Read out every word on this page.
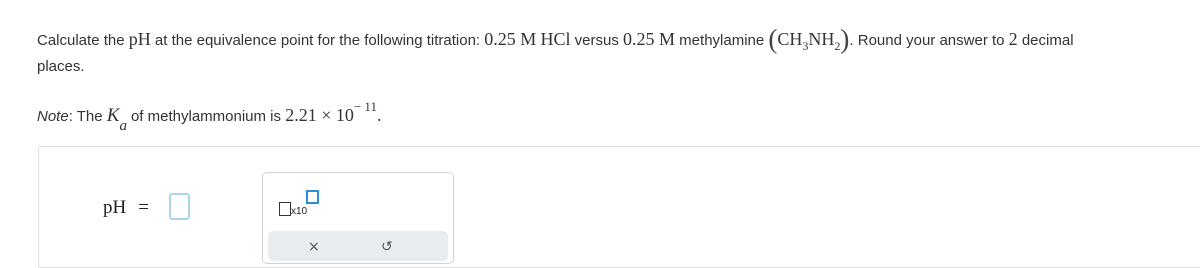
Calculate the pH at the equivalence point for the following titration: 0.25 M HCl versus 0.25 M methylamine $(CH_3NH_2)$. Round your answer to 2 decimal
places.
Note: The Kaof methylammonium is 2.21 × 10− 11.
pH =	x10
×	↺
